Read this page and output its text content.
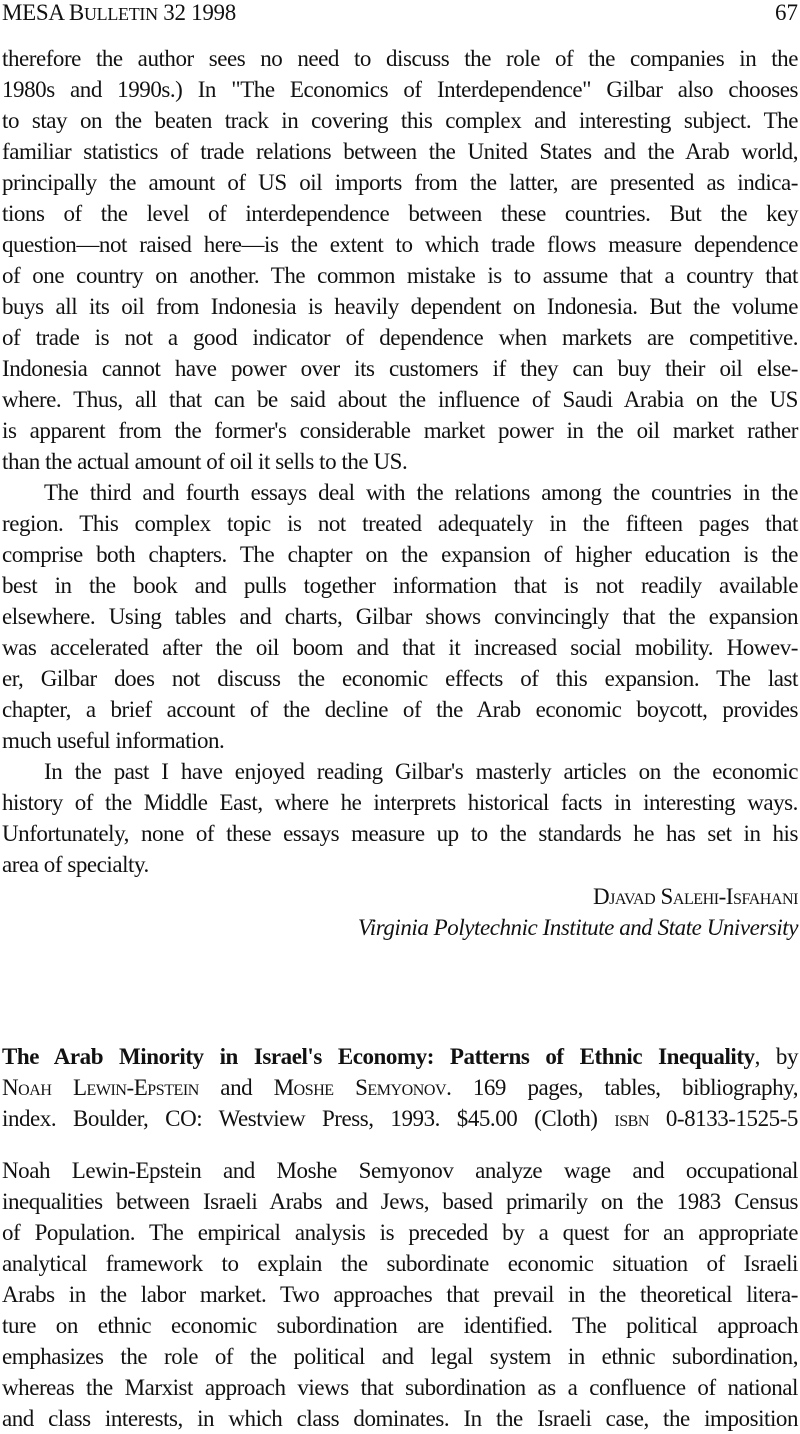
MESA BULLETIN 32 1998	67
therefore the author sees no need to discuss the role of the companies in the
1980s and 1990s.) In "The Economics of Interdependence" Gilbar also chooses
to stay on the beaten track in covering this complex and interesting subject. The
familiar statistics of trade relations between the United States and the Arab world,
principally the amount of US oil imports from the latter, are presented as indica-
tions of the level of interdependence between these countries. But the key
question—not raised here—is the extent to which trade flows measure dependence
of one country on another. The common mistake is to assume that a country that
buys all its oil from Indonesia is heavily dependent on Indonesia. But the volume
of trade is not a good indicator of dependence when markets are competitive.
Indonesia cannot have power over its customers if they can buy their oil else-
where. Thus, all that can be said about the influence of Saudi Arabia on the US
is apparent from the former's considerable market power in the oil market rather
than the actual amount of oil it sells to the US.
The third and fourth essays deal with the relations among the countries in the
region. This complex topic is not treated adequately in the fifteen pages that
comprise both chapters. The chapter on the expansion of higher education is the
best in the book and pulls together information that is not readily available
elsewhere. Using tables and charts, Gilbar shows convincingly that the expansion
was accelerated after the oil boom and that it increased social mobility. Howev-
er, Gilbar does not discuss the economic effects of this expansion. The last
chapter, a brief account of the decline of the Arab economic boycott, provides
much useful information.
In the past I have enjoyed reading Gilbar's masterly articles on the economic
history of the Middle East, where he interprets historical facts in interesting ways.
Unfortunately, none of these essays measure up to the standards he has set in his
area of specialty.
Djavad Salehi-Isfahani
Virginia Polytechnic Institute and State University
The Arab Minority in Israel's Economy: Patterns of Ethnic Inequality, by
Noah Lewin-Epstein and Moshe Semyonov. 169 pages, tables, bibliography,
index. Boulder, CO: Westview Press, 1993. $45.00 (Cloth) isbn 0-8133-1525-5
Noah Lewin-Epstein and Moshe Semyonov analyze wage and occupational
inequalities between Israeli Arabs and Jews, based primarily on the 1983 Census
of Population. The empirical analysis is preceded by a quest for an appropriate
analytical framework to explain the subordinate economic situation of Israeli
Arabs in the labor market. Two approaches that prevail in the theoretical litera-
ture on ethnic economic subordination are identified. The political approach
emphasizes the role of the political and legal system in ethnic subordination,
whereas the Marxist approach views that subordination as a confluence of national
and class interests, in which class dominates. In the Israeli case, the imposition
